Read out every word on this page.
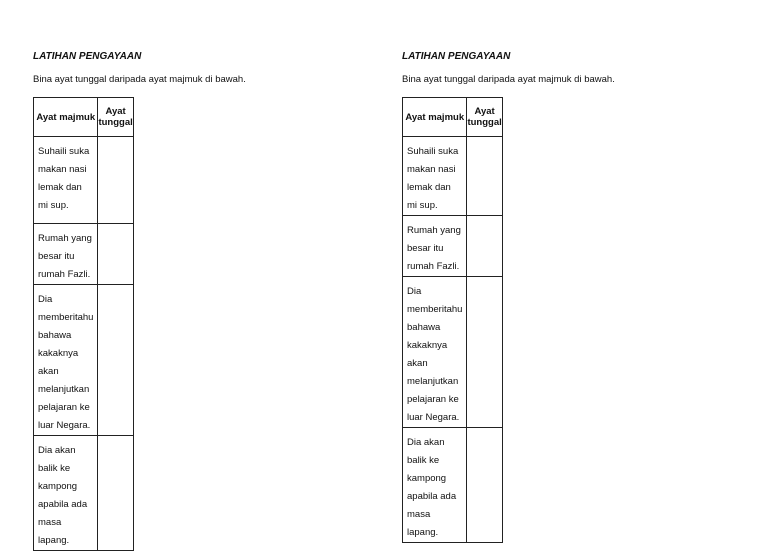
LATIHAN PENGAYAAN
Bina ayat tunggal daripada ayat majmuk di bawah.
Ayat majmuk	Ayat tunggal
Suhaili suka makan nasi lemak dan mi sup.	
Rumah yang besar itu rumah Fazli.	
Dia memberitahu bahawa kakaknya akan melanjutkan pelajaran ke luar Negara.	
Dia akan balik ke kampong apabila ada masa lapang.	
LATIHAN PENGAYAAN
Bina ayat tunggal daripada ayat majmuk di bawah.
Ayat majmuk	Ayat tunggal
Suhaili suka makan nasi lemak dan mi sup.	
Rumah yang besar itu rumah Fazli.	
Dia memberitahu bahawa kakaknya akan melanjutkan pelajaran ke luar Negara.	
Dia akan balik ke kampong apabila ada masa lapang.	
